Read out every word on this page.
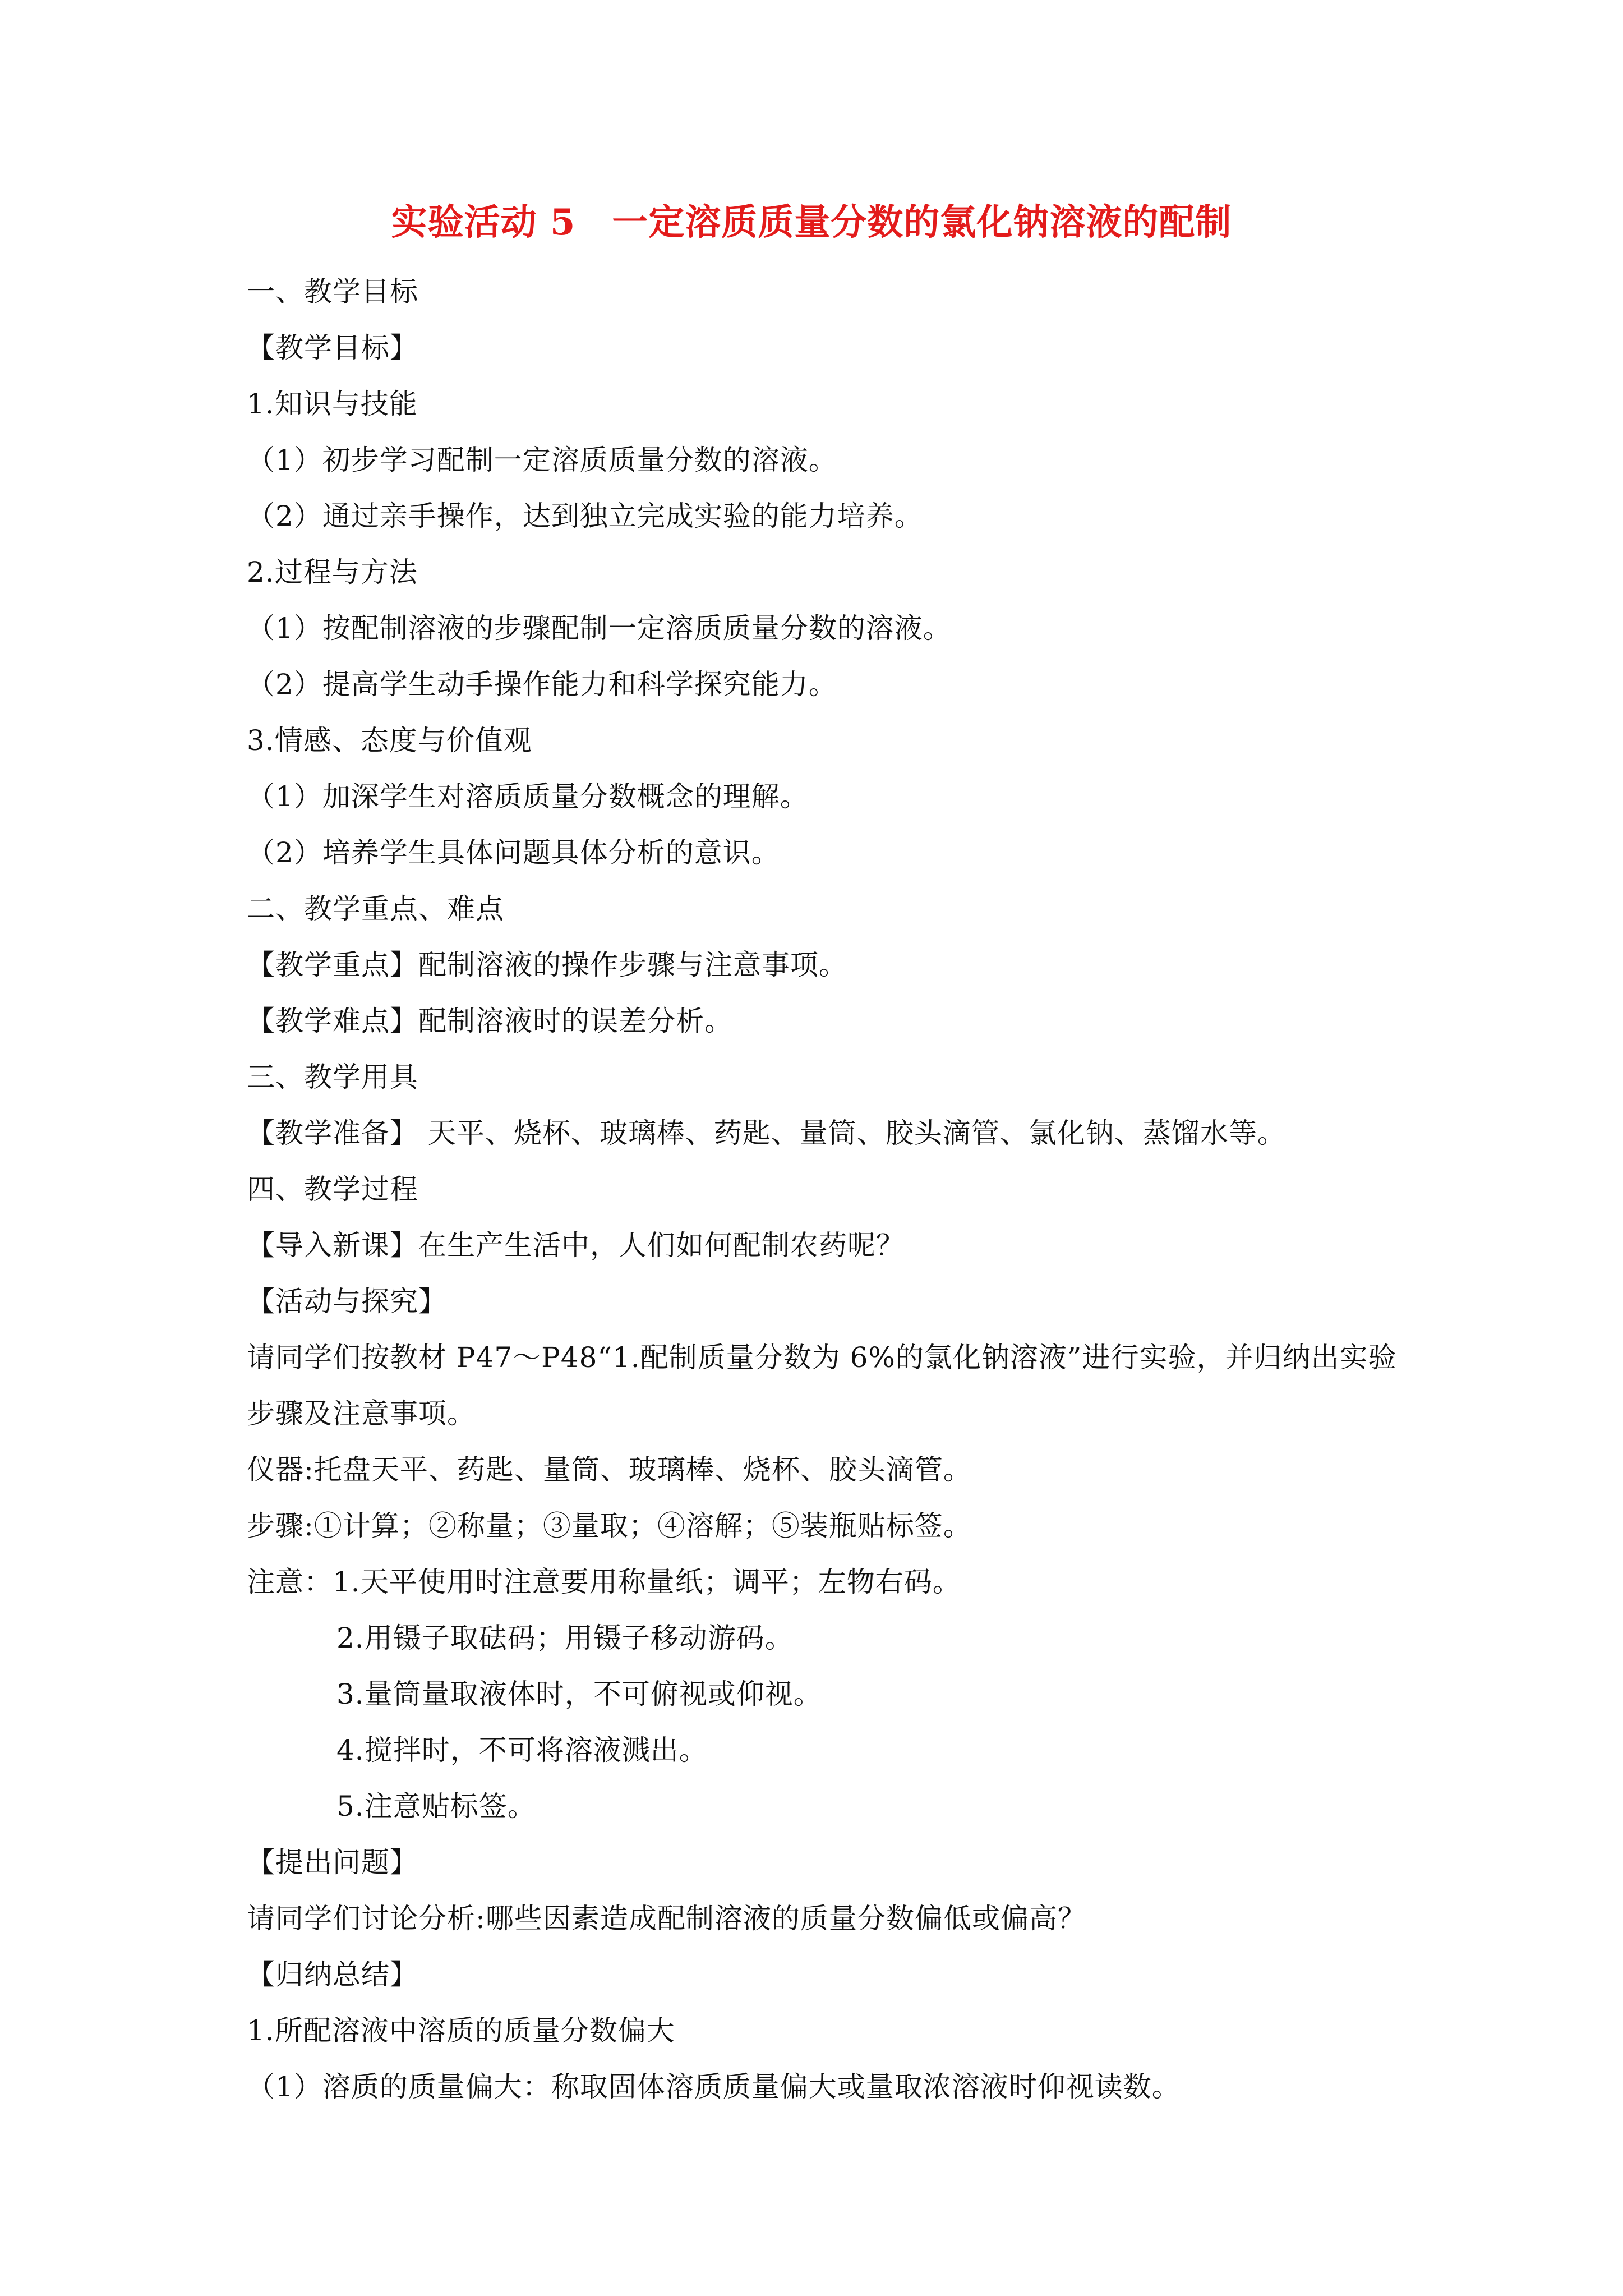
实验活动 5　一定溶质质量分数的氯化钠溶液的配制
一、教学目标
【教学目标】
1.知识与技能
（1）初步学习配制一定溶质质量分数的溶液。
（2）通过亲手操作，达到独立完成实验的能力培养。
2.过程与方法
（1）按配制溶液的步骤配制一定溶质质量分数的溶液。
（2）提高学生动手操作能力和科学探究能力。
3.情感、态度与价值观
（1）加深学生对溶质质量分数概念的理解。
（2）培养学生具体问题具体分析的意识。
二、教学重点、难点
【教学重点】配制溶液的操作步骤与注意事项。
【教学难点】配制溶液时的误差分析。
三、教学用具
【教学准备】 天平、烧杯、玻璃棒、药匙、量筒、胶头滴管、氯化钠、蒸馏水等。
四、教学过程
【导入新课】在生产生活中，人们如何配制农药呢？
【活动与探究】
请同学们按教材 P47～P48“1.配制质量分数为 6%的氯化钠溶液”进行实验，并归纳出实验
步骤及注意事项。
仪器:托盘天平、药匙、量筒、玻璃棒、烧杯、胶头滴管。
步骤:①计算；②称量；③量取；④溶解；⑤装瓶贴标签。
注意：1.天平使用时注意要用称量纸；调平；左物右码。
2.用镊子取砝码；用镊子移动游码。
3.量筒量取液体时，不可俯视或仰视。
4.搅拌时，不可将溶液溅出。
5.注意贴标签。
【提出问题】
请同学们讨论分析:哪些因素造成配制溶液的质量分数偏低或偏高？
【归纳总结】
1.所配溶液中溶质的质量分数偏大
（1）溶质的质量偏大：称取固体溶质质量偏大或量取浓溶液时仰视读数。
